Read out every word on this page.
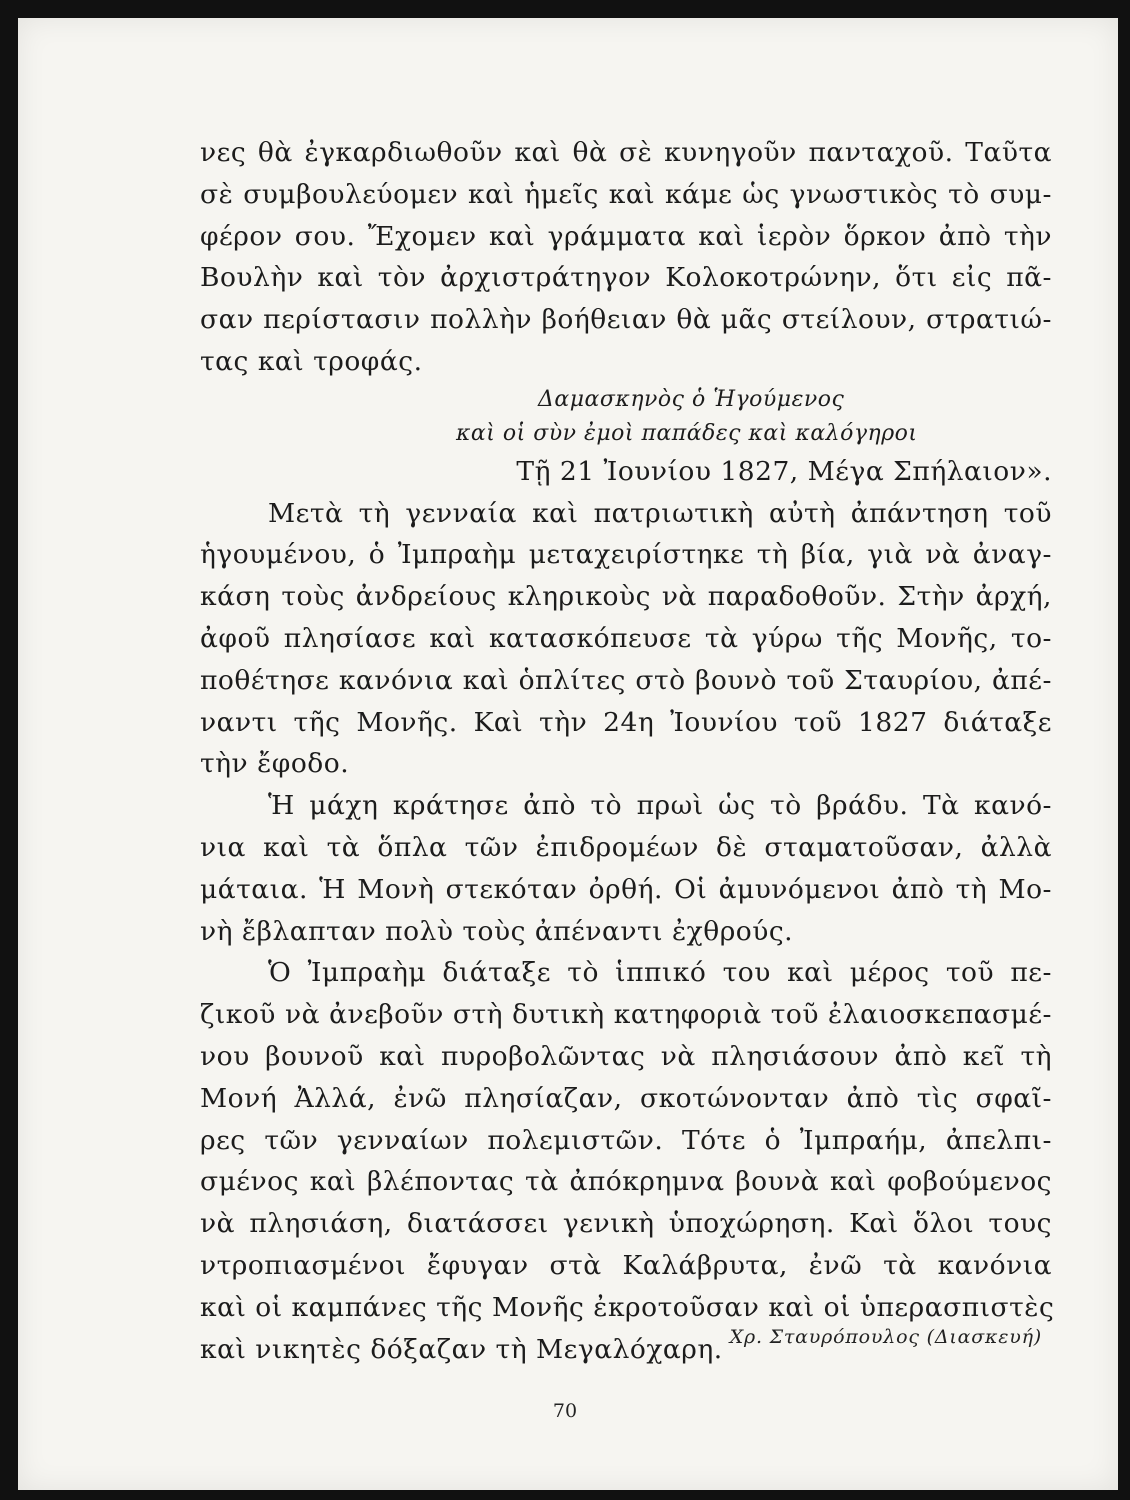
νες θὰ ἐγκαρδιωθοῦν καὶ θὰ σὲ κυνηγοῦν πανταχοῦ. Ταῦτα
σὲ συμβουλεύομεν καὶ ἡμεῖς καὶ κάμε ὡς γνωστικὸς τὸ συμ-
φέρον σου. Ἔχομεν καὶ γράμματα καὶ ἱερὸν ὅρκον ἀπὸ τὴν
Βουλὴν καὶ τὸν ἀρχιστράτηγον Κολοκοτρώνην, ὅτι εἰς πᾶ-
σαν περίστασιν πολλὴν βοήθειαν θὰ μᾶς στείλουν, στρατιώ-
τας καὶ τροφάς.
Δαμασκηνὸς ὁ Ἡγούμενος
καὶ οἱ σὺν ἐμοὶ παπάδες καὶ καλόγηροι
Τῇ 21 Ἰουνίου 1827, Μέγα Σπήλαιον».
Μετὰ τὴ γενναία καὶ πατριωτικὴ αὐτὴ ἀπάντηση τοῦ
ἡγουμένου, ὁ Ἰμπραὴμ μεταχειρίστηκε τὴ βία, γιὰ νὰ ἀναγ-
κάση τοὺς ἀνδρείους κληρικοὺς νὰ παραδοθοῦν. Στὴν ἀρχή,
ἀφοῦ πλησίασε καὶ κατασκόπευσε τὰ γύρω τῆς Μονῆς, το-
ποθέτησε κανόνια καὶ ὁπλίτες στὸ βουνὸ τοῦ Σταυρίου, ἀπέ-
ναντι τῆς Μονῆς. Καὶ τὴν 24η Ἰουνίου τοῦ 1827 διάταξε
τὴν ἔφοδο.
Ἡ μάχη κράτησε ἀπὸ τὸ πρωὶ ὡς τὸ βράδυ. Τὰ κανό-
νια καὶ τὰ ὅπλα τῶν ἐπιδρομέων δὲ σταματοῦσαν, ἀλλὰ
μάταια. Ἡ Μονὴ στεκόταν ὀρθή. Οἱ ἀμυνόμενοι ἀπὸ τὴ Μο-
νὴ ἔβλαπταν πολὺ τοὺς ἀπέναντι ἐχθρούς.
Ὁ Ἰμπραὴμ διάταξε τὸ ἱππικό του καὶ μέρος τοῦ πε-
ζικοῦ νὰ ἀνεβοῦν στὴ δυτικὴ κατηφοριὰ τοῦ ἐλαιοσκεπασμέ-
νου βουνοῦ καὶ πυροβολῶντας νὰ πλησιάσουν ἀπὸ κεῖ τὴ
Μονή Ἀλλά, ἐνῶ πλησίαζαν, σκοτώνονταν ἀπὸ τὶς σφαῖ-
ρες τῶν γενναίων πολεμιστῶν. Τότε ὁ Ἰμπραήμ, ἀπελπι-
σμένος καὶ βλέποντας τὰ ἀπόκρημνα βουνὰ καὶ φοβούμενος
νὰ πλησιάση, διατάσσει γενικὴ ὑποχώρηση. Καὶ ὅλοι τους
ντροπιασμένοι ἔφυγαν στὰ Καλάβρυτα, ἐνῶ τὰ κανόνια
καὶ οἱ καμπάνες τῆς Μονῆς ἐκροτοῦσαν καὶ οἱ ὑπερασπιστὲς
καὶ νικητὲς δόξαζαν τὴ Μεγαλόχαρη. Χρ. Σταυρόπουλος (Διασκευή)
70
